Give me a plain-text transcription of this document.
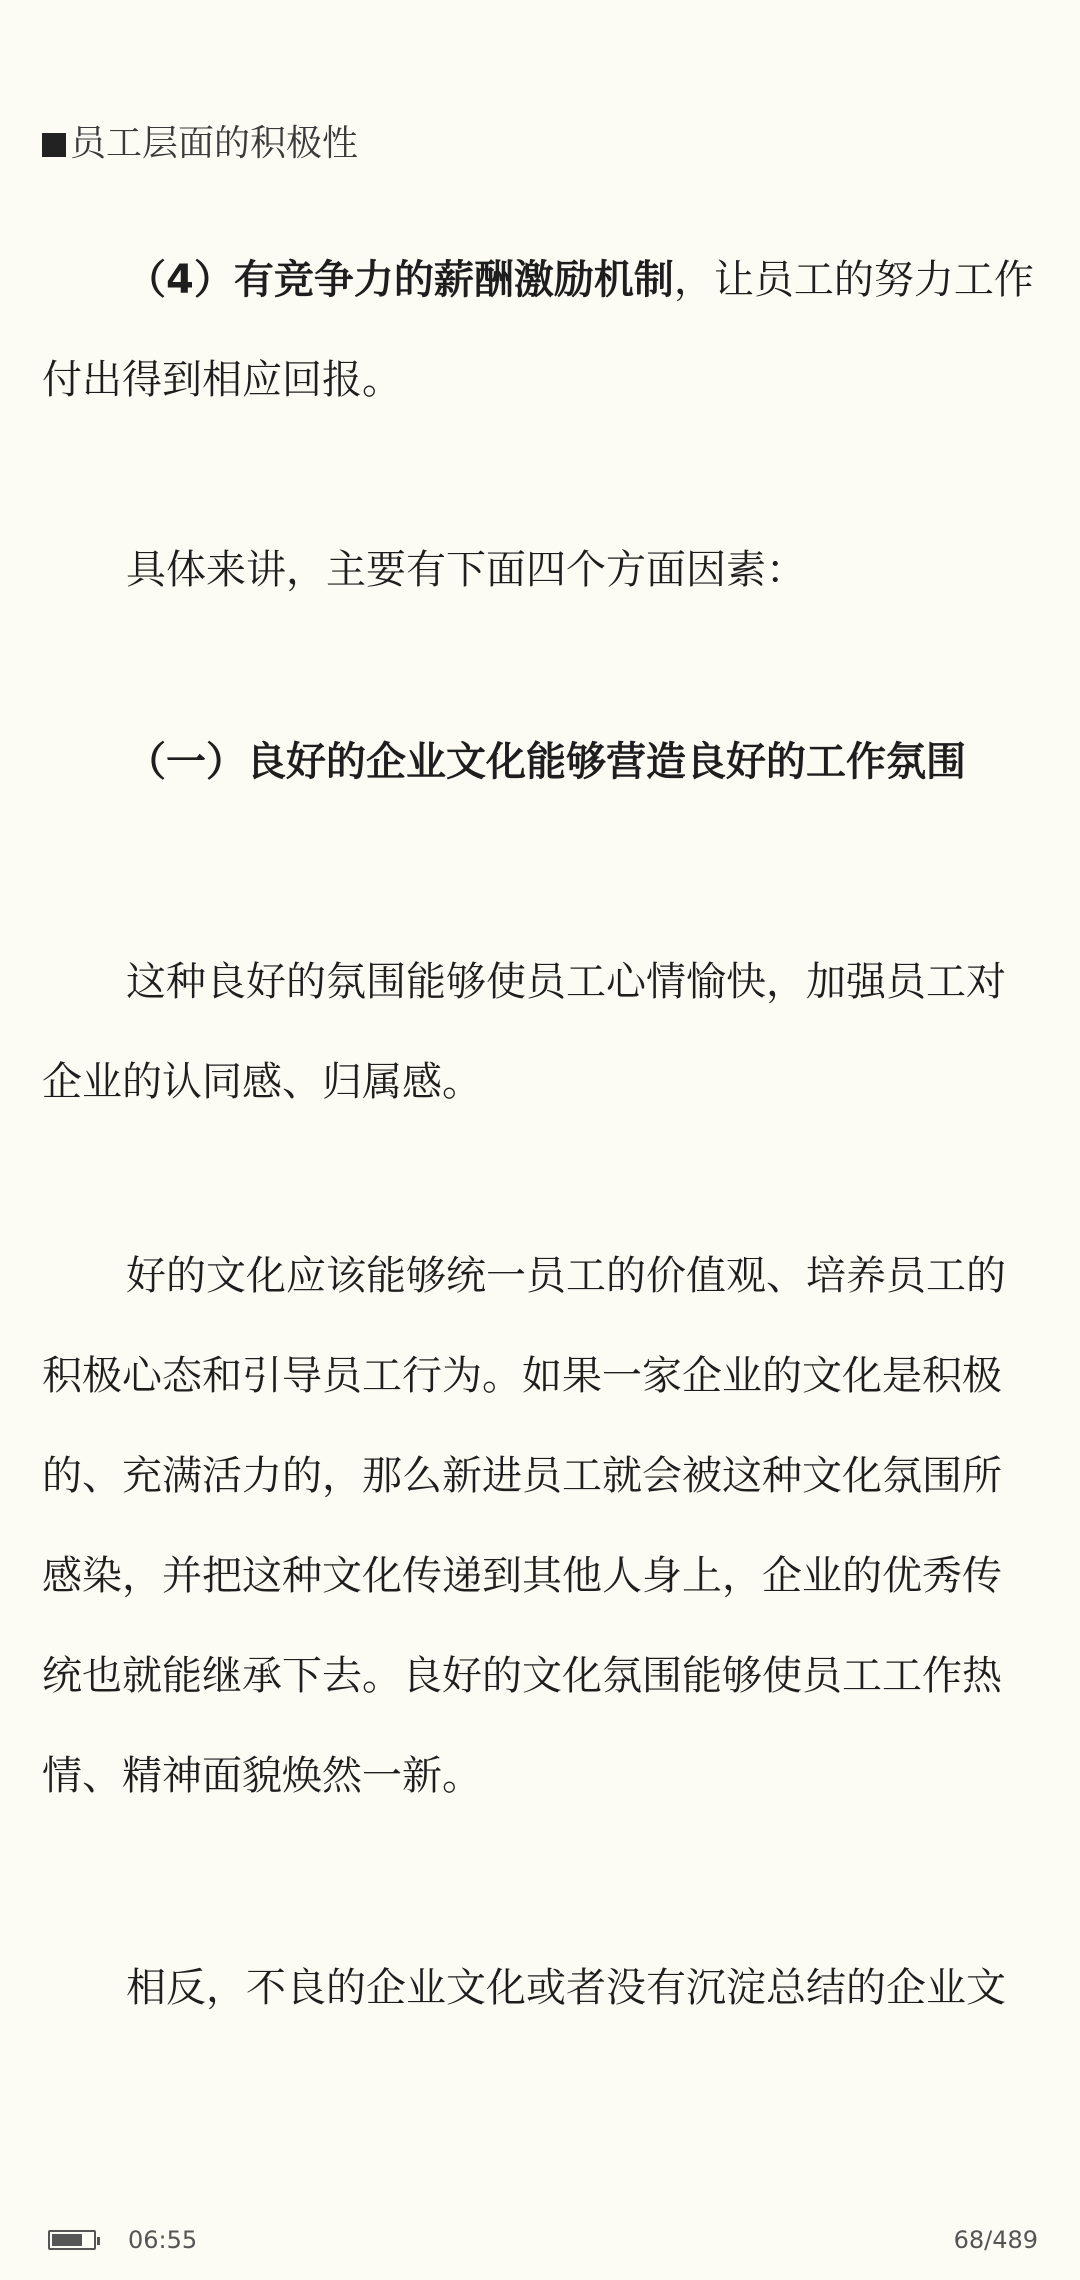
员工层面的积极性
（4）有竞争力的薪酬激励机制，让员工的努力工作
付出得到相应回报。
具体来讲，主要有下面四个方面因素：
（一）良好的企业文化能够营造良好的工作氛围
这种良好的氛围能够使员工心情愉快，加强员工对
企业的认同感、归属感。
好的文化应该能够统一员工的价值观、培养员工的
积极心态和引导员工行为。如果一家企业的文化是积极
的、充满活力的，那么新进员工就会被这种文化氛围所
感染，并把这种文化传递到其他人身上，企业的优秀传
统也就能继承下去。良好的文化氛围能够使员工工作热
情、精神面貌焕然一新。
相反，不良的企业文化或者没有沉淀总结的企业文
06:55	68/489
